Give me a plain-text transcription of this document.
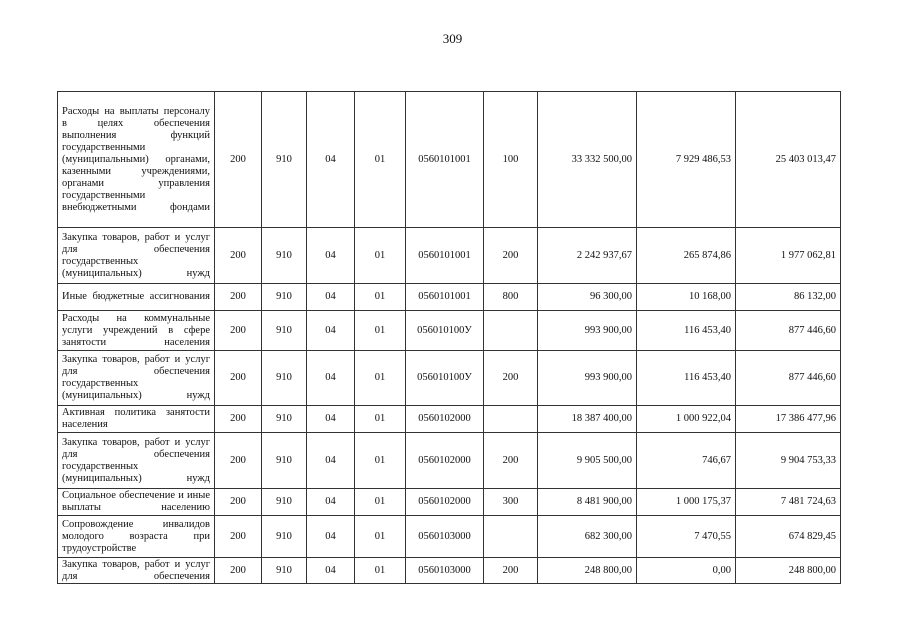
309
Расходы на выплаты персоналу в целях обеспечения выполнения функций государственными (муниципальными) органами, казенными учреждениями, органами управления государственными внебюджетными фондами	200	910	04	01	0560101001	100	33 332 500,00	7 929 486,53	25 403 013,47
Закупка товаров, работ и услуг для обеспечения государственных (муниципальных) нужд	200	910	04	01	0560101001	200	2 242 937,67	265 874,86	1 977 062,81
Иные бюджетные ассигнования	200	910	04	01	0560101001	800	96 300,00	10 168,00	86 132,00
Расходы на коммунальные услуги учреждений в сфере занятости населения	200	910	04	01	056010100У		993 900,00	116 453,40	877 446,60
Закупка товаров, работ и услуг для обеспечения государственных (муниципальных) нужд	200	910	04	01	056010100У	200	993 900,00	116 453,40	877 446,60
Активная политика занятости населения	200	910	04	01	0560102000		18 387 400,00	1 000 922,04	17 386 477,96
Закупка товаров, работ и услуг для обеспечения государственных (муниципальных) нужд	200	910	04	01	0560102000	200	9 905 500,00	746,67	9 904 753,33
Социальное обеспечение и иные выплаты населению	200	910	04	01	0560102000	300	8 481 900,00	1 000 175,37	7 481 724,63
Сопровождение инвалидов молодого возраста при трудоустройстве	200	910	04	01	0560103000		682 300,00	7 470,55	674 829,45
Закупка товаров, работ и услуг для обеспечения	200	910	04	01	0560103000	200	248 800,00	0,00	248 800,00
